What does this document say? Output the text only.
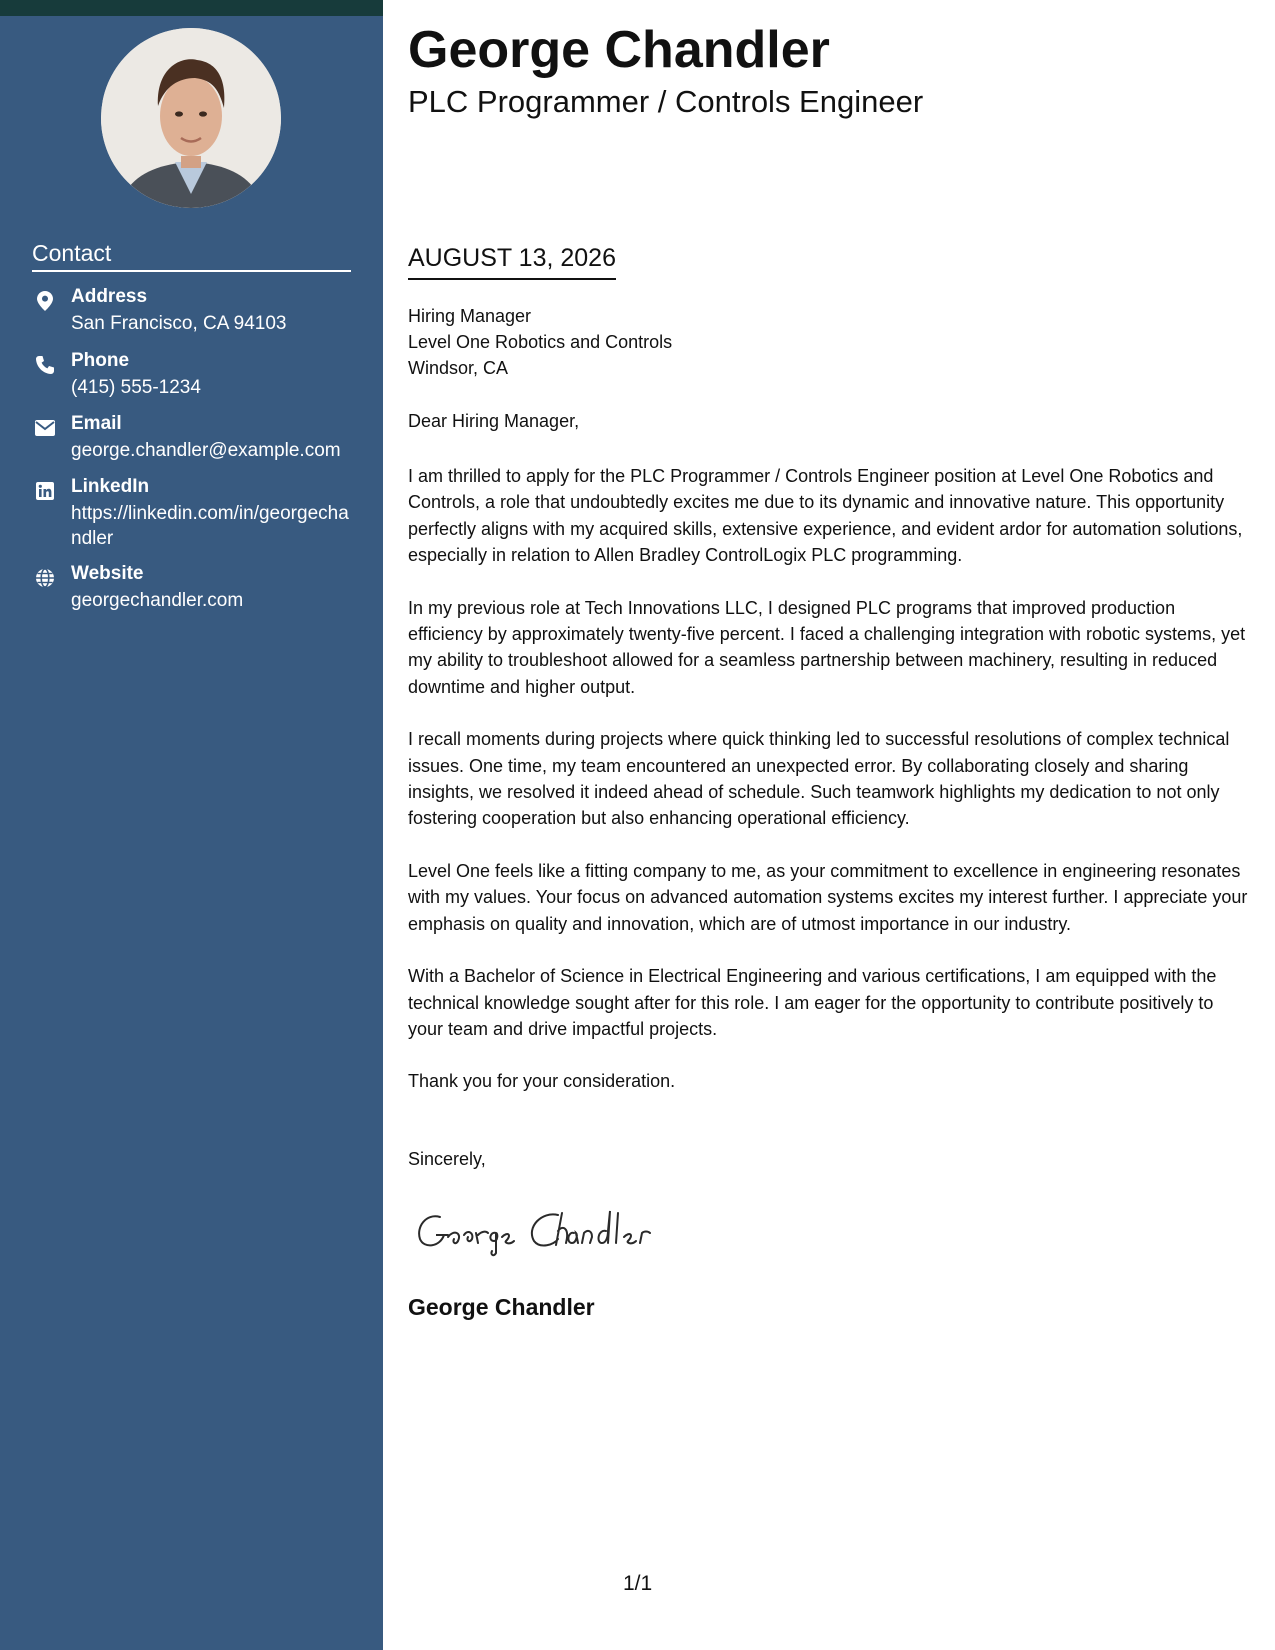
Contact
Address
San Francisco, CA 94103
Phone
(415) 555-1234
Email
george.chandler@example.com
LinkedIn
https://linkedin.com/in/georgechandler
Website
georgechandler.com
George Chandler
PLC Programmer / Controls Engineer
AUGUST 13, 2026
Hiring Manager
Level One Robotics and Controls
Windsor, CA
Dear Hiring Manager,

I am thrilled to apply for the PLC Programmer / Controls Engineer position at Level One Robotics and Controls, a role that undoubtedly excites me due to its dynamic and innovative nature. This opportunity perfectly aligns with my acquired skills, extensive experience, and evident ardor for automation solutions, especially in relation to Allen Bradley ControlLogix PLC programming.

In my previous role at Tech Innovations LLC, I designed PLC programs that improved production efficiency by approximately twenty-five percent. I faced a challenging integration with robotic systems, yet my ability to troubleshoot allowed for a seamless partnership between machinery, resulting in reduced downtime and higher output.

I recall moments during projects where quick thinking led to successful resolutions of complex technical issues. One time, my team encountered an unexpected error. By collaborating closely and sharing insights, we resolved it indeed ahead of schedule. Such teamwork highlights my dedication to not only fostering cooperation but also enhancing operational efficiency.

Level One feels like a fitting company to me, as your commitment to excellence in engineering resonates with my values. Your focus on advanced automation systems excites my interest further. I appreciate your emphasis on quality and innovation, which are of utmost importance in our industry.

With a Bachelor of Science in Electrical Engineering and various certifications, I am equipped with the technical knowledge sought after for this role. I am eager for the opportunity to contribute positively to your team and drive impactful projects.

Thank you for your consideration.

Sincerely,
George Chandler
1/1
